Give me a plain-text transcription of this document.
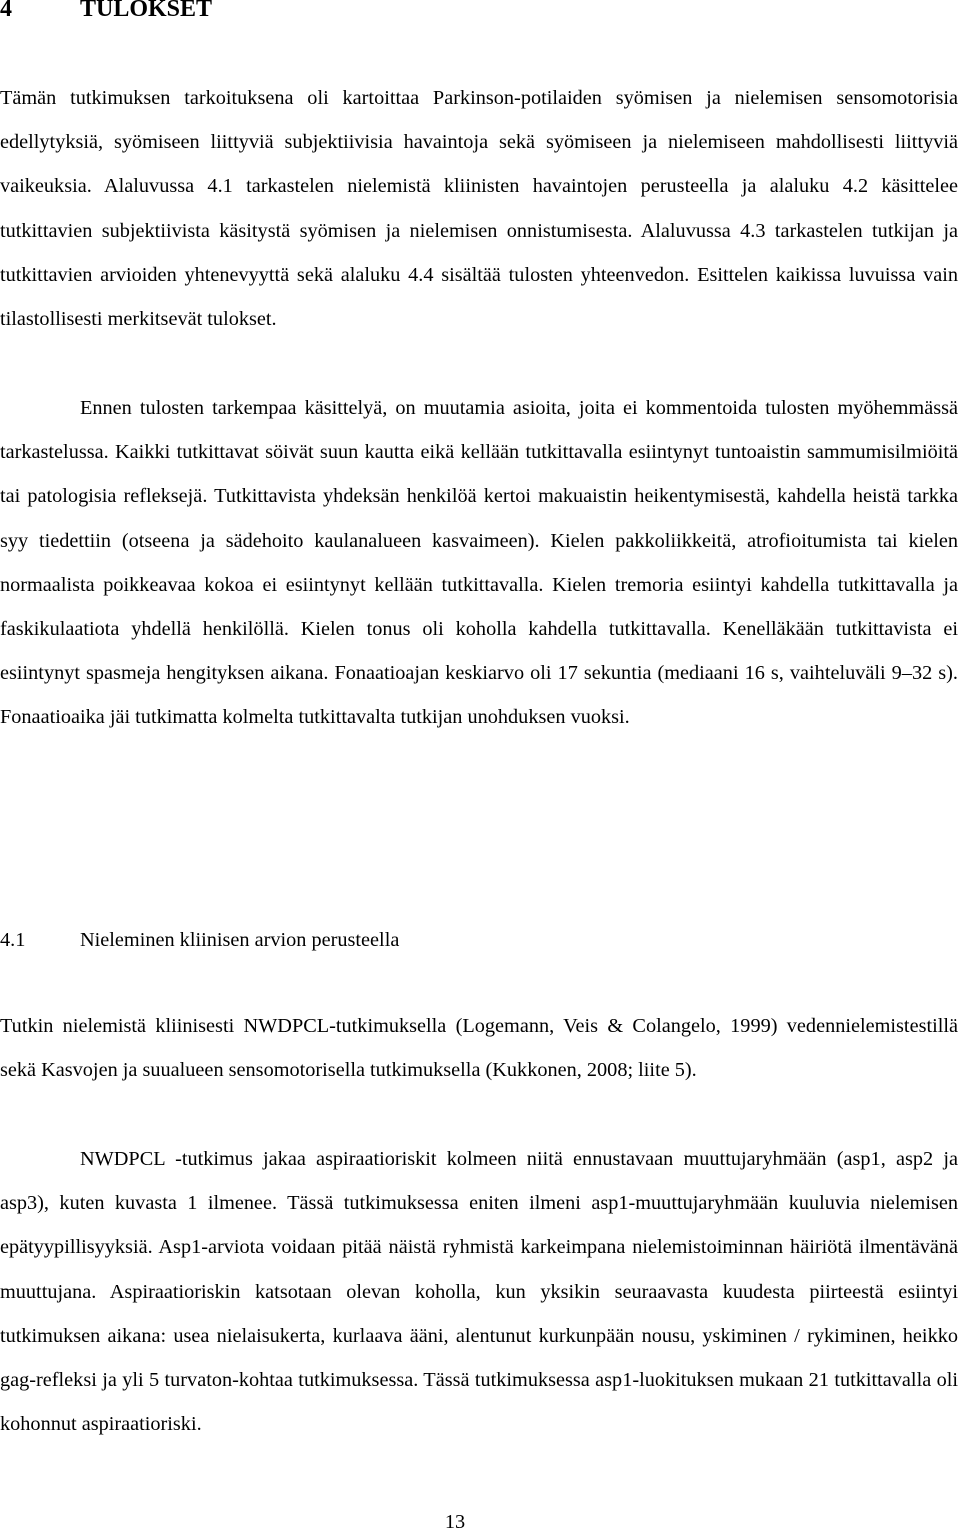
4	TULOKSET

Tämän tutkimuksen tarkoituksena oli kartoittaa Parkinson-potilaiden syömisen ja nielemisen sensomotorisia edellytyksiä, syömiseen liittyviä subjektiivisia havaintoja sekä syömiseen ja nielemiseen mahdollisesti liittyviä vaikeuksia. Alaluvussa 4.1 tarkastelen nielemistä kliinisten havaintojen perusteella ja alaluku 4.2 käsittelee tutkittavien subjektiivista käsitystä syömisen ja nielemisen onnistumisesta. Alaluvussa 4.3 tarkastelen tutkijan ja tutkittavien arvioiden yhtenevyyttä sekä alaluku 4.4 sisältää tulosten yhteenvedon. Esittelen kaikissa luvuissa vain tilastollisesti merkitsevät tulokset.

Ennen tulosten tarkempaa käsittelyä, on muutamia asioita, joita ei kommentoida tulosten myöhemmässä tarkastelussa. Kaikki tutkittavat söivät suun kautta eikä kellään tutkittavalla esiintynyt tuntoaistin sammumisilmiöitä tai patologisia refleksejä. Tutkittavista yhdeksän henkilöä kertoi makuaistin heikentymisestä, kahdella heistä tarkka syy tiedettiin (otseena ja sädehoito kaulanalueen kasvaimeen). Kielen pakkoliikkeitä, atrofioitumista tai kielen normaalista poikkeavaa kokoa ei esiintynyt kellään tutkittavalla. Kielen tremoria esiintyi kahdella tutkittavalla ja faskikulaatiota yhdellä henkilöllä. Kielen tonus oli koholla kahdella tutkittavalla. Kenelläkään tutkittavista ei esiintynyt spasmeja hengityksen aikana. Fonaatioajan keskiarvo oli 17 sekuntia (mediaani 16 s, vaihteluväli 9–32 s). Fonaatioaika jäi tutkimatta kolmelta tutkittavalta tutkijan unohduksen vuoksi.

4.1	Nieleminen kliinisen arvion perusteella

Tutkin nielemistä kliinisesti NWDPCL-tutkimuksella (Logemann, Veis & Colangelo, 1999) vedennielemistestillä sekä Kasvojen ja suualueen sensomotorisella tutkimuksella (Kukkonen, 2008; liite 5).

NWDPCL -tutkimus jakaa aspiraatioriskit kolmeen niitä ennustavaan muuttujaryhmään (asp1, asp2 ja asp3), kuten kuvasta 1 ilmenee. Tässä tutkimuksessa eniten ilmeni asp1-muuttujaryhmään kuuluvia nielemisen epätyypillisyyksiä. Asp1-arviota voidaan pitää näistä ryhmistä karkeimpana nielemistoiminnan häiriötä ilmentävänä muuttujana. Aspiraatioriskin katsotaan olevan koholla, kun yksikin seuraavasta kuudesta piirteestä esiintyi tutkimuksen aikana: usea nielaisukerta, kurlaava ääni, alentunut kurkunpään nousu, yskiminen / rykiminen, heikko gag-refleksi ja yli 5 turvaton-kohtaa tutkimuksessa. Tässä tutkimuksessa asp1-luokituksen mukaan 21 tutkittavalla oli kohonnut aspiraatioriski.

13
